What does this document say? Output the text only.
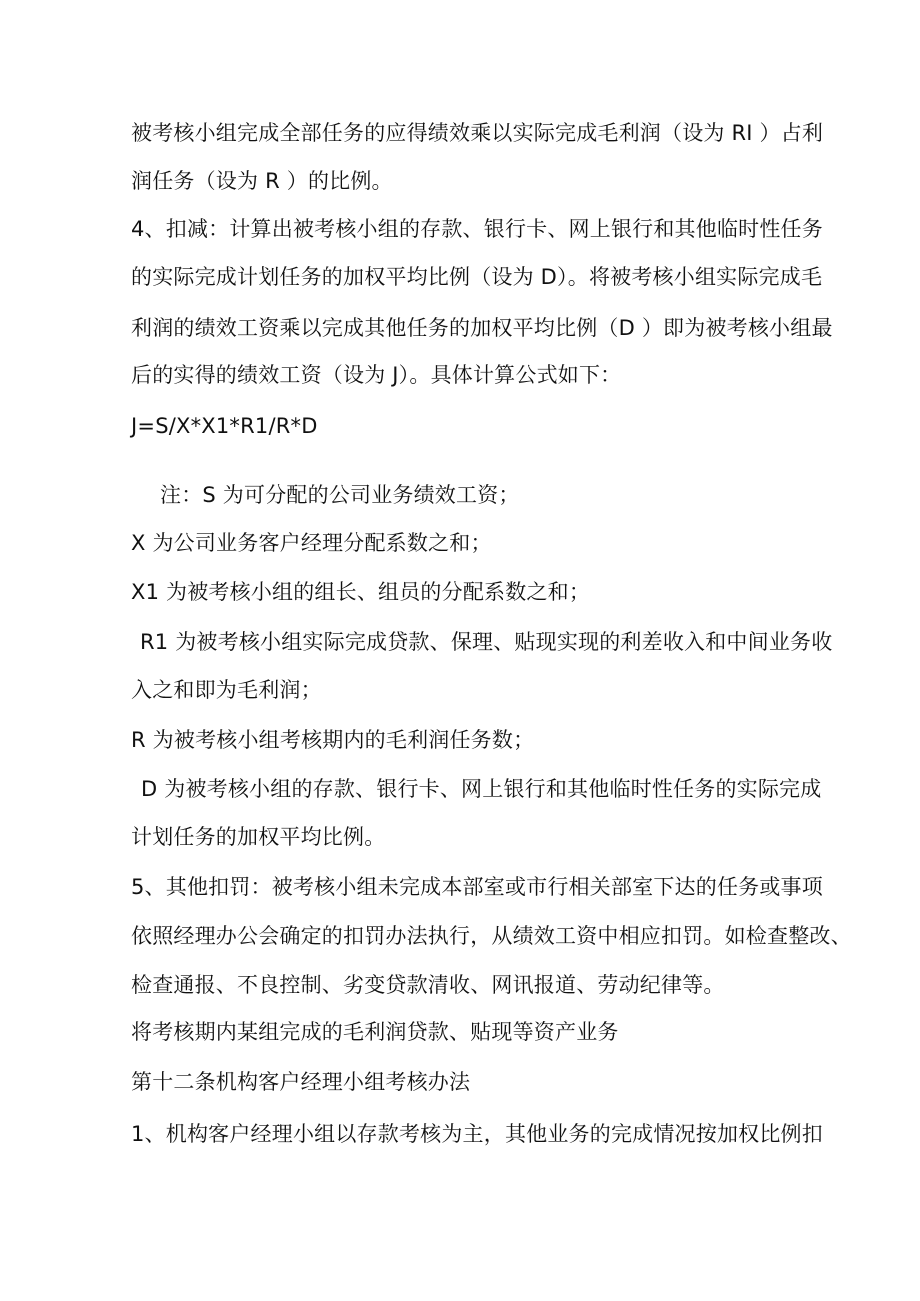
被考核小组完成全部任务的应得绩效乘以实际完成毛利润（设为 RI ）占利
润任务（设为 R ）的比例。
4、扣减：计算出被考核小组的存款、银行卡、网上银行和其他临时性任务
的实际完成计划任务的加权平均比例（设为 D）。将被考核小组实际完成毛
利润的绩效工资乘以完成其他任务的加权平均比例（D ）即为被考核小组最
后的实得的绩效工资（设为 J）。具体计算公式如下：
J=S/X*X1*R1/R*D
注：S 为可分配的公司业务绩效工资；
X 为公司业务客户经理分配系数之和；
X1 为被考核小组的组长、组员的分配系数之和；
R1 为被考核小组实际完成贷款、保理、贴现实现的利差收入和中间业务收
入之和即为毛利润；
R 为被考核小组考核期内的毛利润任务数；
D 为被考核小组的存款、银行卡、网上银行和其他临时性任务的实际完成
计划任务的加权平均比例。
5、其他扣罚：被考核小组未完成本部室或市行相关部室下达的任务或事项
依照经理办公会确定的扣罚办法执行，从绩效工资中相应扣罚。如检查整改、
检查通报、不良控制、劣变贷款清收、网讯报道、劳动纪律等。
将考核期内某组完成的毛利润贷款、贴现等资产业务
第十二条机构客户经理小组考核办法
1、机构客户经理小组以存款考核为主，其他业务的完成情况按加权比例扣
